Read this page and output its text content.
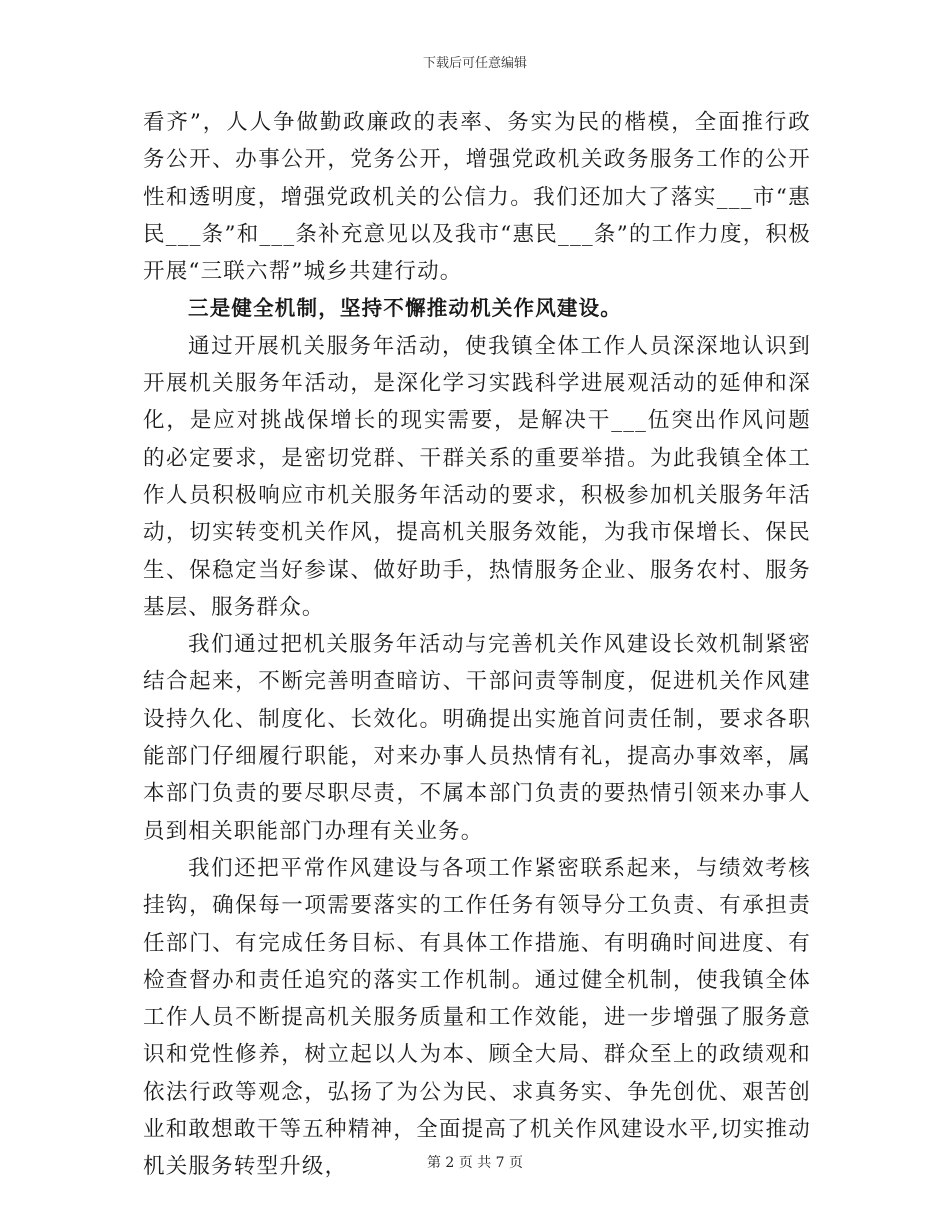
下载后可任意编辑

看齐”，人人争做勤政廉政的表率、务实为民的楷模，全面推行政务公开、办事公开，党务公开，增强党政机关政务服务工作的公开性和透明度，增强党政机关的公信力。我们还加大了落实___市“惠民___条”和___条补充意见以及我市“惠民___条”的工作力度，积极开展“三联六帮”城乡共建行动。

三是健全机制，坚持不懈推动机关作风建设。

通过开展机关服务年活动，使我镇全体工作人员深深地认识到开展机关服务年活动，是深化学习实践科学进展观活动的延伸和深化，是应对挑战保增长的现实需要，是解决干___伍突出作风问题的必定要求，是密切党群、干群关系的重要举措。为此我镇全体工作人员积极响应市机关服务年活动的要求，积极参加机关服务年活动，切实转变机关作风，提高机关服务效能，为我市保增长、保民生、保稳定当好参谋、做好助手，热情服务企业、服务农村、服务基层、服务群众。

我们通过把机关服务年活动与完善机关作风建设长效机制紧密结合起来，不断完善明查暗访、干部问责等制度，促进机关作风建设持久化、制度化、长效化。明确提出实施首问责任制，要求各职能部门仔细履行职能，对来办事人员热情有礼，提高办事效率，属本部门负责的要尽职尽责，不属本部门负责的要热情引领来办事人员到相关职能部门办理有关业务。

我们还把平常作风建设与各项工作紧密联系起来，与绩效考核挂钩，确保每一项需要落实的工作任务有领导分工负责、有承担责任部门、有完成任务目标、有具体工作措施、有明确时间进度、有检查督办和责任追究的落实工作机制。通过健全机制，使我镇全体工作人员不断提高机关服务质量和工作效能，进一步增强了服务意识和党性修养，树立起以人为本、顾全大局、群众至上的政绩观和依法行政等观念，弘扬了为公为民、求真务实、争先创优、艰苦创业和敢想敢干等五种精神，全面提高了机关作风建设水平,切实推动机关服务转型升级，	第 2 页 共 7 页
